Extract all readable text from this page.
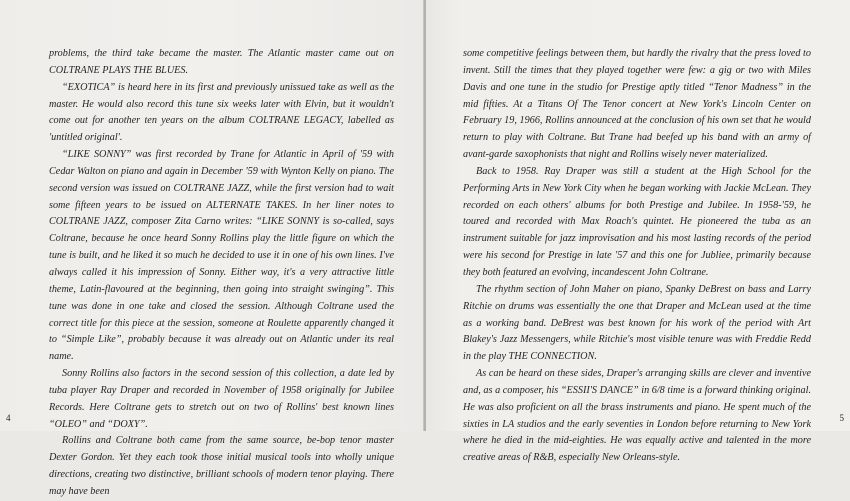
problems, the third take became the master. The Atlantic master came out on COLTRANE PLAYS THE BLUES.

“EXOTICA” is heard here in its first and previously unissued take as well as the master. He would also record this tune six weeks later with Elvin, but it wouldn't come out for another ten years on the album COLTRANE LEGACY, labelled as 'untitled original'.

“LIKE SONNY” was first recorded by Trane for Atlantic in April of '59 with Cedar Walton on piano and again in December '59 with Wynton Kelly on piano. The second version was issued on COLTRANE JAZZ, while the first version had to wait some fifteen years to be issued on ALTERNATE TAKES. In her liner notes to COLTRANE JAZZ, composer Zita Carno writes: “LIKE SONNY is so-called, says Coltrane, because he once heard Sonny Rollins play the little figure on which the tune is built, and he liked it so much he decided to use it in one of his own lines. I've always called it his impression of Sonny. Either way, it's a very attractive little theme, Latin-flavoured at the beginning, then going into straight swinging”. This tune was done in one take and closed the session. Although Coltrane used the correct title for this piece at the session, someone at Roulette apparently changed it to “Simple Like”, probably because it was already out on Atlantic under its real name.

Sonny Rollins also factors in the second session of this collection, a date led by tuba player Ray Draper and recorded in November of 1958 originally for Jubilee Records. Here Coltrane gets to stretch out on two of Rollins' best known lines “OLEO” and “DOXY”.

Rollins and Coltrane both came from the same source, be-bop tenor master Dexter Gordon. Yet they each took those initial musical tools into wholly unique directions, creating two distinctive, brilliant schools of modern tenor playing. There may have been

4

some competitive feelings between them, but hardly the rivalry that the press loved to invent. Still the times that they played together were few: a gig or two with Miles Davis and one tune in the studio for Prestige aptly titled “Tenor Madness” in the mid fifties. At a Titans Of The Tenor concert at New York's Lincoln Center on February 19, 1966, Rollins announced at the conclusion of his own set that he would return to play with Coltrane. But Trane had beefed up his band with an army of avant-garde saxophonists that night and Rollins wisely never materialized.

Back to 1958. Ray Draper was still a student at the High School for the Performing Arts in New York City when he began working with Jackie McLean. They recorded on each others' albums for both Prestige and Jubilee. In 1958-'59, he toured and recorded with Max Roach's quintet. He pioneered the tuba as an instrument suitable for jazz improvisation and his most lasting records of the period were his second for Prestige in late '57 and this one for Jubliee, primarily because they both featured an evolving, incandescent John Coltrane.

The rhythm section of John Maher on piano, Spanky DeBrest on bass and Larry Ritchie on drums was essentially the one that Draper and McLean used at the time as a working band. DeBrest was best known for his work of the period with Art Blakey's Jazz Messengers, while Ritchie's most visible tenure was with Freddie Redd in the play THE CONNECTION.

As can be heard on these sides, Draper's arranging skills are clever and inventive and, as a composer, his “ESSII'S DANCE” in 6/8 time is a forward thinking original. He was also proficient on all the brass instruments and piano. He spent much of the sixties in LA studios and the early seventies in London before returning to New York where he died in the mid-eighties. He was equally active and talented in the more creative areas of R&B, especially New Orleans-style.

5
